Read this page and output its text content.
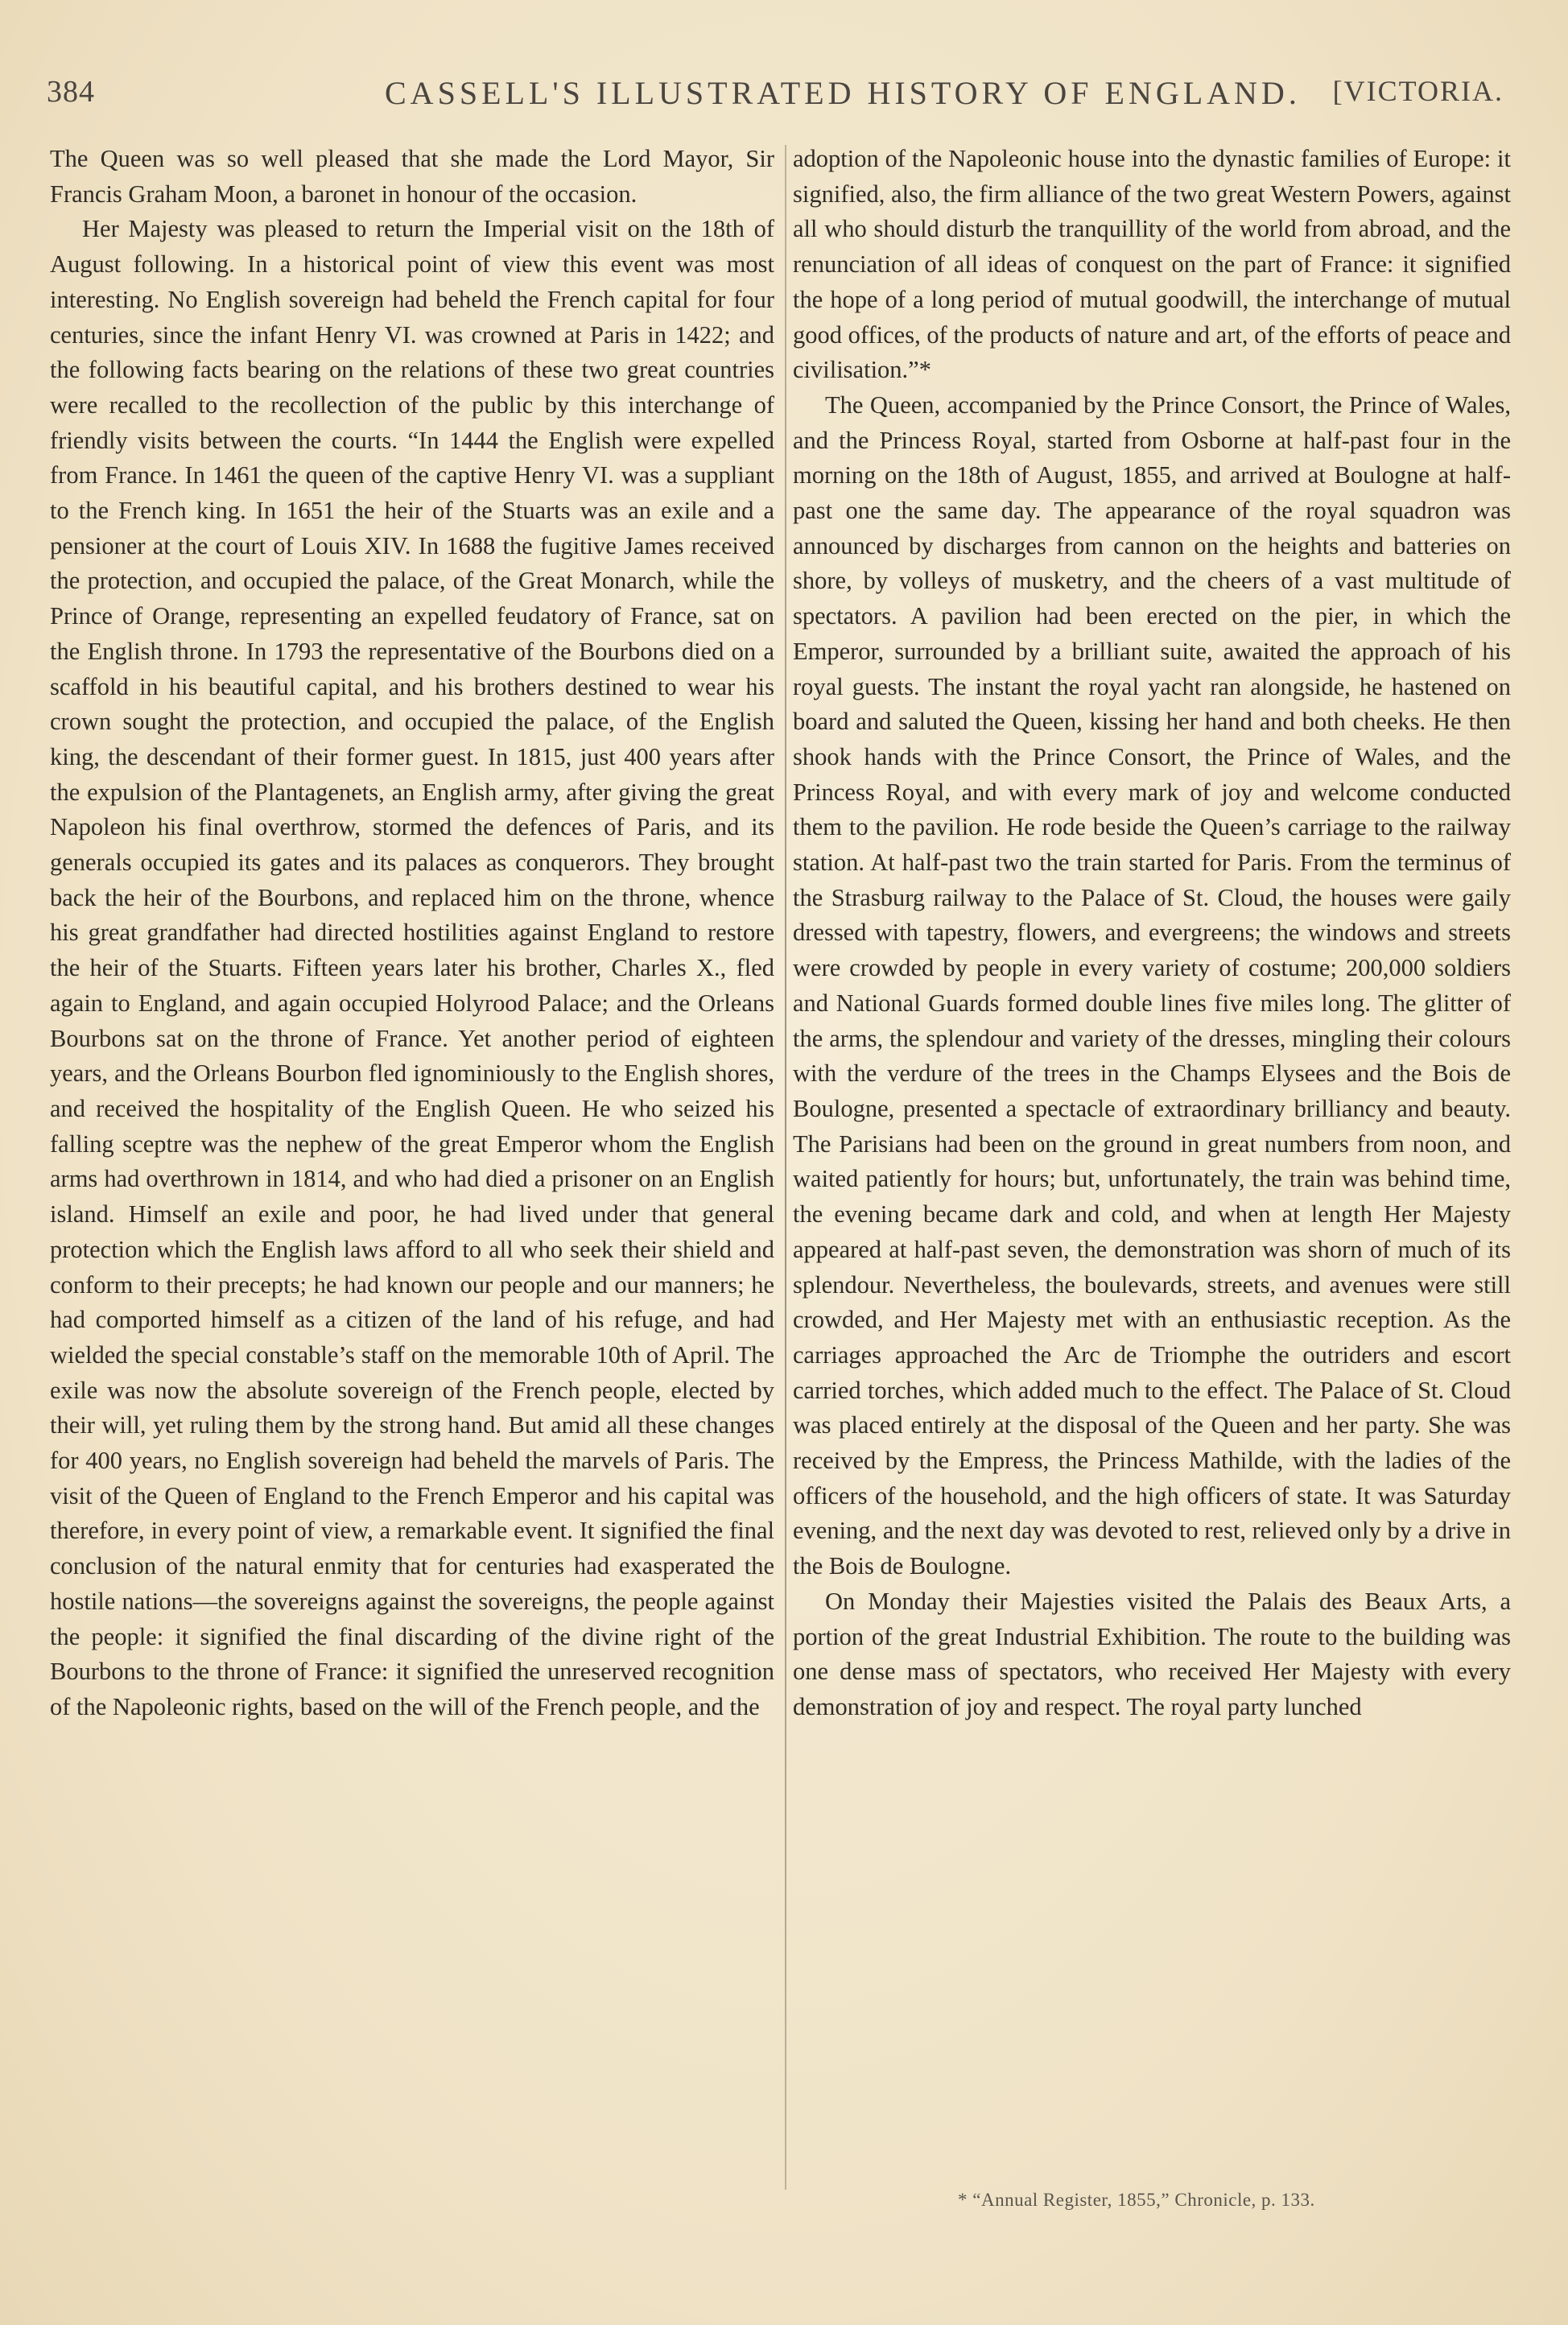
384	CASSELL'S ILLUSTRATED HISTORY OF ENGLAND. [VICTORIA.

The Queen was so well pleased that she made the Lord Mayor, Sir Francis Graham Moon, a baronet in honour of the occasion.

Her Majesty was pleased to return the Imperial visit on the 18th of August following. In a historical point of view this event was most interesting. No English sovereign had beheld the French capital for four centuries, since the infant Henry VI. was crowned at Paris in 1422; and the following facts bearing on the relations of these two great countries were recalled to the recollection of the public by this interchange of friendly visits between the courts. “In 1444 the English were expelled from France. In 1461 the queen of the captive Henry VI. was a suppliant to the French king. In 1651 the heir of the Stuarts was an exile and a pensioner at the court of Louis XIV. In 1688 the fugitive James received the protection, and occupied the palace, of the Great Monarch, while the Prince of Orange, representing an expelled feudatory of France, sat on the English throne. In 1793 the representative of the Bourbons died on a scaffold in his beautiful capital, and his brothers destined to wear his crown sought the protection, and occupied the palace, of the English king, the descendant of their former guest. In 1815, just 400 years after the expulsion of the Plantagenets, an English army, after giving the great Napoleon his final overthrow, stormed the defences of Paris, and its generals occupied its gates and its palaces as conquerors. They brought back the heir of the Bourbons, and replaced him on the throne, whence his great grandfather had directed hostilities against England to restore the heir of the Stuarts. Fifteen years later his brother, Charles X., fled again to England, and again occupied Holyrood Palace; and the Orleans Bourbons sat on the throne of France. Yet another period of eighteen years, and the Orleans Bourbon fled ignominiously to the English shores, and received the hospitality of the English Queen. He who seized his falling sceptre was the nephew of the great Emperor whom the English arms had overthrown in 1814, and who had died a prisoner on an English island. Himself an exile and poor, he had lived under that general protection which the English laws afford to all who seek their shield and conform to their precepts; he had known our people and our manners; he had comported himself as a citizen of the land of his refuge, and had wielded the special constable’s staff on the memorable 10th of April. The exile was now the absolute sovereign of the French people, elected by their will, yet ruling them by the strong hand. But amid all these changes for 400 years, no English sovereign had beheld the marvels of Paris. The visit of the Queen of England to the French Emperor and his capital was therefore, in every point of view, a remarkable event. It signified the final conclusion of the natural enmity that for centuries had exasperated the hostile nations—the sovereigns against the sovereigns, the people against the people: it signified the final discarding of the divine right of the Bourbons to the throne of France: it signified the unreserved recognition of the Napoleonic rights, based on the will of the French people, and the

adoption of the Napoleonic house into the dynastic families of Europe: it signified, also, the firm alliance of the two great Western Powers, against all who should disturb the tranquillity of the world from abroad, and the renunciation of all ideas of conquest on the part of France: it signified the hope of a long period of mutual goodwill, the interchange of mutual good offices, of the products of nature and art, of the efforts of peace and civilisation.”*

The Queen, accompanied by the Prince Consort, the Prince of Wales, and the Princess Royal, started from Osborne at half-past four in the morning on the 18th of August, 1855, and arrived at Boulogne at half-past one the same day. The appearance of the royal squadron was announced by discharges from cannon on the heights and batteries on shore, by volleys of musketry, and the cheers of a vast multitude of spectators. A pavilion had been erected on the pier, in which the Emperor, surrounded by a brilliant suite, awaited the approach of his royal guests. The instant the royal yacht ran alongside, he hastened on board and saluted the Queen, kissing her hand and both cheeks. He then shook hands with the Prince Consort, the Prince of Wales, and the Princess Royal, and with every mark of joy and welcome conducted them to the pavilion. He rode beside the Queen’s carriage to the railway station. At half-past two the train started for Paris. From the terminus of the Strasburg railway to the Palace of St. Cloud, the houses were gaily dressed with tapestry, flowers, and evergreens; the windows and streets were crowded by people in every variety of costume; 200,000 soldiers and National Guards formed double lines five miles long. The glitter of the arms, the splendour and variety of the dresses, mingling their colours with the verdure of the trees in the Champs Elysees and the Bois de Boulogne, presented a spectacle of extraordinary brilliancy and beauty. The Parisians had been on the ground in great numbers from noon, and waited patiently for hours; but, unfortunately, the train was behind time, the evening became dark and cold, and when at length Her Majesty appeared at half-past seven, the demonstration was shorn of much of its splendour. Nevertheless, the boulevards, streets, and avenues were still crowded, and Her Majesty met with an enthusiastic reception. As the carriages approached the Arc de Triomphe the outriders and escort carried torches, which added much to the effect. The Palace of St. Cloud was placed entirely at the disposal of the Queen and her party. She was received by the Empress, the Princess Mathilde, with the ladies of the officers of the household, and the high officers of state. It was Saturday evening, and the next day was devoted to rest, relieved only by a drive in the Bois de Boulogne.

On Monday their Majesties visited the Palais des Beaux Arts, a portion of the great Industrial Exhibition. The route to the building was one dense mass of spectators, who received Her Majesty with every demonstration of joy and respect. The royal party lunched

* “Annual Register, 1855,” Chronicle, p. 133.
